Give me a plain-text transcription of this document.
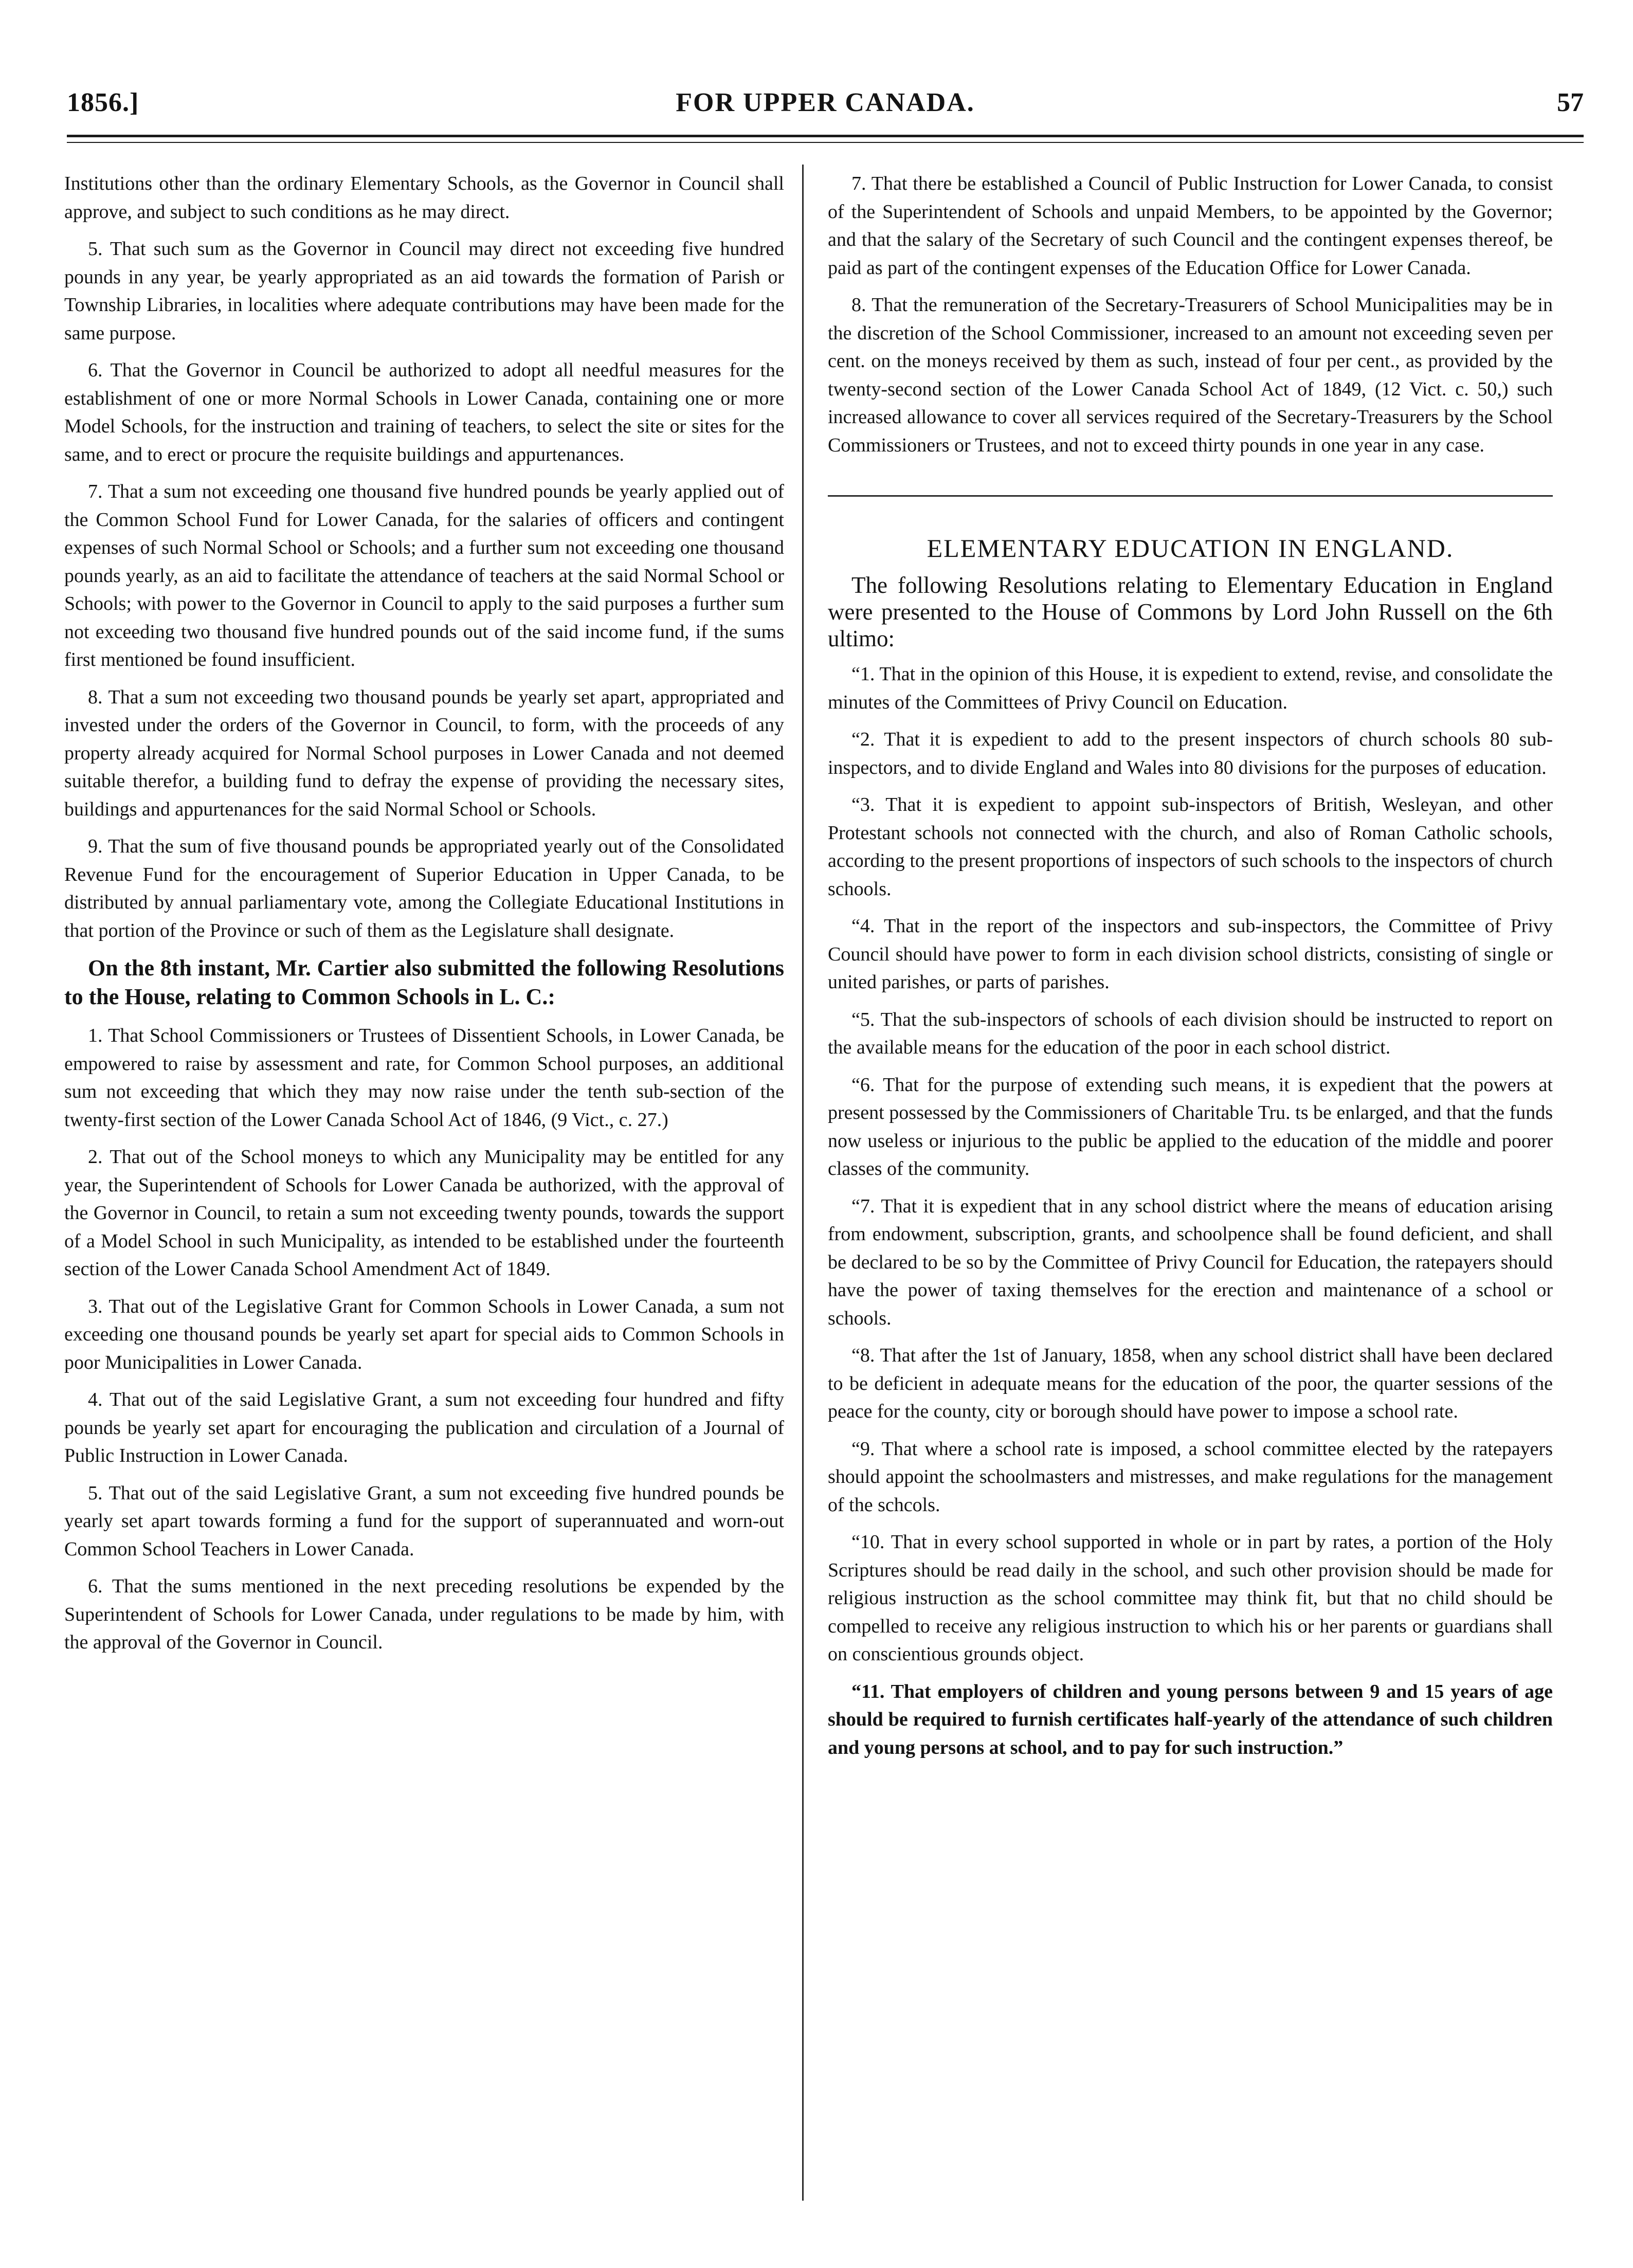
1856.]	FOR UPPER CANADA.	57

Institutions other than the ordinary Elementary Schools, as the Governor in Council shall approve, and subject to such conditions as he may direct.

5. That such sum as the Governor in Council may direct not exceeding five hundred pounds in any year, be yearly appropriated as an aid towards the formation of Parish or Township Libraries, in localities where adequate contributions may have been made for the same purpose.

6. That the Governor in Council be authorized to adopt all needful measures for the establishment of one or more Normal Schools in Lower Canada, containing one or more Model Schools, for the instruction and training of teachers, to select the site or sites for the same, and to erect or procure the requisite buildings and appurtenances.

7. That a sum not exceeding one thousand five hundred pounds be yearly applied out of the Common School Fund for Lower Canada, for the salaries of officers and contingent expenses of such Normal School or Schools; and a further sum not exceeding one thousand pounds yearly, as an aid to facilitate the attendance of teachers at the said Normal School or Schools; with power to the Governor in Council to apply to the said purposes a further sum not exceeding two thousand five hundred pounds out of the said income fund, if the sums first mentioned be found insufficient.

8. That a sum not exceeding two thousand pounds be yearly set apart, appropriated and invested under the orders of the Governor in Council, to form, with the proceeds of any property already acquired for Normal School purposes in Lower Canada and not deemed suitable therefor, a building fund to defray the expense of providing the necessary sites, buildings and appurtenances for the said Normal School or Schools.

9. That the sum of five thousand pounds be appropriated yearly out of the Consolidated Revenue Fund for the encouragement of Superior Education in Upper Canada, to be distributed by annual parliamentary vote, among the Collegiate Educational Institutions in that portion of the Province or such of them as the Legislature shall designate.

On the 8th instant, Mr. Cartier also submitted the following Resolutions to the House, relating to Common Schools in L. C.:

1. That School Commissioners or Trustees of Dissentient Schools, in Lower Canada, be empowered to raise by assessment and rate, for Common School purposes, an additional sum not exceeding that which they may now raise under the tenth sub-section of the twenty-first section of the Lower Canada School Act of 1846, (9 Vict., c. 27.)

2. That out of the School moneys to which any Municipality may be entitled for any year, the Superintendent of Schools for Lower Canada be authorized, with the approval of the Governor in Council, to retain a sum not exceeding twenty pounds, towards the support of a Model School in such Municipality, as intended to be established under the fourteenth section of the Lower Canada School Amendment Act of 1849.

3. That out of the Legislative Grant for Common Schools in Lower Canada, a sum not exceeding one thousand pounds be yearly set apart for special aids to Common Schools in poor Municipalities in Lower Canada.

4. That out of the said Legislative Grant, a sum not exceeding four hundred and fifty pounds be yearly set apart for encouraging the publication and circulation of a Journal of Public Instruction in Lower Canada.

5. That out of the said Legislative Grant, a sum not exceeding five hundred pounds be yearly set apart towards forming a fund for the support of superannuated and worn-out Common School Teachers in Lower Canada.

6. That the sums mentioned in the next preceding resolutions be expended by the Superintendent of Schools for Lower Canada, under regulations to be made by him, with the approval of the Governor in Council.

7. That there be established a Council of Public Instruction for Lower Canada, to consist of the Superintendent of Schools and unpaid Members, to be appointed by the Governor; and that the salary of the Secretary of such Council and the contingent expenses thereof, be paid as part of the contingent expenses of the Education Office for Lower Canada.

8. That the remuneration of the Secretary-Treasurers of School Municipalities may be in the discretion of the School Commissioner, increased to an amount not exceeding seven per cent. on the moneys received by them as such, instead of four per cent., as provided by the twenty-second section of the Lower Canada School Act of 1849, (12 Vict. c. 50,) such increased allowance to cover all services required of the Secretary-Treasurers by the School Commissioners or Trustees, and not to exceed thirty pounds in one year in any case.

ELEMENTARY EDUCATION IN ENGLAND.
The following Resolutions relating to Elementary Education in England were presented to the House of Commons by Lord John Russell on the 6th ultimo:

“1. That in the opinion of this House, it is expedient to extend, revise, and consolidate the minutes of the Committees of Privy Council on Education.

“2. That it is expedient to add to the present inspectors of church schools 80 sub-inspectors, and to divide England and Wales into 80 divisions for the purposes of education.

“3. That it is expedient to appoint sub-inspectors of British, Wesleyan, and other Protestant schools not connected with the church, and also of Roman Catholic schools, according to the present proportions of inspectors of such schools to the inspectors of church schools.

“4. That in the report of the inspectors and sub-inspectors, the Committee of Privy Council should have power to form in each division school districts, consisting of single or united parishes, or parts of parishes.

“5. That the sub-inspectors of schools of each division should be instructed to report on the available means for the education of the poor in each school district.

“6. That for the purpose of extending such means, it is expedient that the powers at present possessed by the Commissioners of Charitable Tru. ts be enlarged, and that the funds now useless or injurious to the public be applied to the education of the middle and poorer classes of the community.

“7. That it is expedient that in any school district where the means of education arising from endowment, subscription, grants, and schoolpence shall be found deficient, and shall be declared to be so by the Committee of Privy Council for Education, the ratepayers should have the power of taxing themselves for the erection and maintenance of a school or schools.

“8. That after the 1st of January, 1858, when any school district shall have been declared to be deficient in adequate means for the education of the poor, the quarter sessions of the peace for the county, city or borough should have power to impose a school rate.

“9. That where a school rate is imposed, a school committee elected by the ratepayers should appoint the schoolmasters and mistresses, and make regulations for the management of the schcols.

“10. That in every school supported in whole or in part by rates, a portion of the Holy Scriptures should be read daily in the school, and such other provision should be made for religious instruction as the school committee may think fit, but that no child should be compelled to receive any religious instruction to which his or her parents or guardians shall on conscientious grounds object.

“11. That employers of children and young persons between 9 and 15 years of age should be required to furnish certificates half-yearly of the attendance of such children and young persons at school, and to pay for such instruction.”
